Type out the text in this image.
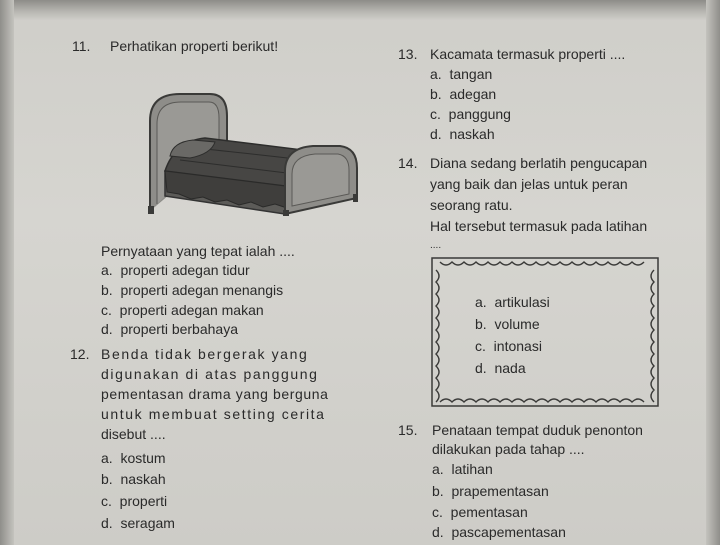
11. Perhatikan properti berikut!
Pernyataan yang tepat ialah ....
a. properti adegan tidur
b. properti adegan menangis
c. properti adegan makan
d. properti berbahaya
12. Benda tidak bergerak yang
digunakan di atas panggung
pementasan drama yang berguna
untuk membuat setting cerita
disebut ....
a. kostum
b. naskah
c. properti
d. seragam
13. Kacamata termasuk properti ....
a. tangan
b. adegan
c. panggung
d. naskah
14. Diana sedang berlatih pengucapan
yang baik dan jelas untuk peran
seorang ratu.
Hal tersebut termasuk pada latihan
....
a. artikulasi
b. volume
c. intonasi
d. nada
15. Penataan tempat duduk penonton
dilakukan pada tahap ....
a. latihan
b. prapementasan
c. pementasan
d. pascapementasan
